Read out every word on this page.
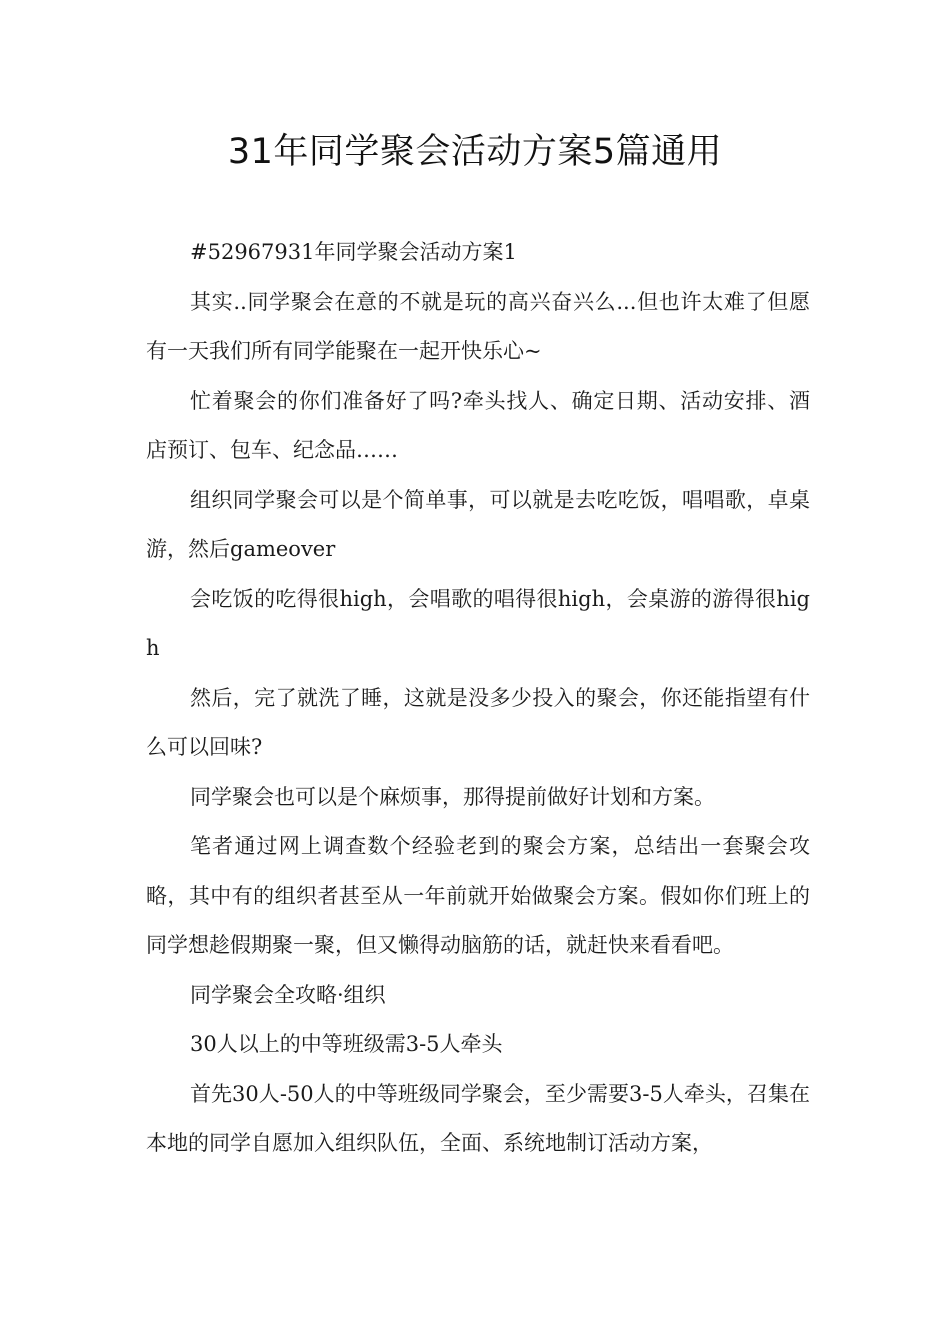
31年同学聚会活动方案5篇通用

#52967931年同学聚会活动方案1

其实..同学聚会在意的不就是玩的高兴奋兴么...但也许太难了但愿有一天我们所有同学能聚在一起开快乐心~

忙着聚会的你们准备好了吗?牵头找人、确定日期、活动安排、酒店预订、包车、纪念品……

组织同学聚会可以是个简单事，可以就是去吃吃饭，唱唱歌，卓桌游，然后gameover

会吃饭的吃得很high，会唱歌的唱得很high，会桌游的游得很high

然后，完了就洗了睡，这就是没多少投入的聚会，你还能指望有什么可以回味?

同学聚会也可以是个麻烦事，那得提前做好计划和方案。

笔者通过网上调查数个经验老到的聚会方案，总结出一套聚会攻略，其中有的组织者甚至从一年前就开始做聚会方案。假如你们班上的同学想趁假期聚一聚，但又懒得动脑筋的话，就赶快来看看吧。

同学聚会全攻略·组织

30人以上的中等班级需3-5人牵头

首先30人-50人的中等班级同学聚会，至少需要3-5人牵头，召集在本地的同学自愿加入组织队伍，全面、系统地制订活动方案，
